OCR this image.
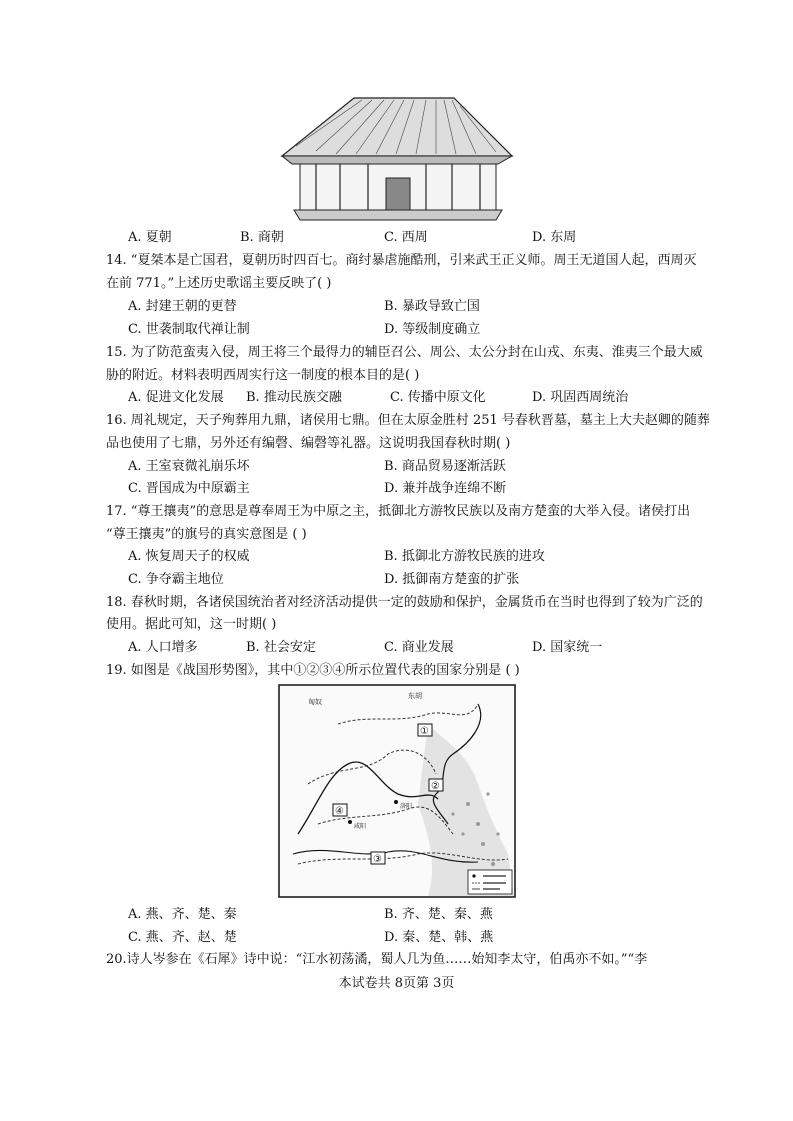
A. 夏朝	B. 商朝	C. 西周	D. 东周
14. “夏桀本是亡国君，夏朝历时四百七。商纣暴虐施酷刑，引来武王正义师。周王无道国人起，西周灭
在前 771。”上述历史歌谣主要反映了( )
A. 封建王朝的更替	B. 暴政导致亡国
C. 世袭制取代禅让制	D. 等级制度确立
15. 为了防范蛮夷入侵，周王将三个最得力的辅臣召公、周公、太公分封在山戎、东夷、淮夷三个最大威
胁的附近。材料表明西周实行这一制度的根本目的是( )
A. 促进文化发展 B. 推动民族交融	C. 传播中原文化	D. 巩固西周统治
16. 周礼规定，天子殉葬用九鼎，诸侯用七鼎。但在太原金胜村 251 号春秋晋墓，墓主上大夫赵卿的随葬
品也使用了七鼎，另外还有编磬、编磬等礼器。这说明我国春秋时期( )
A. 王室衰微礼崩乐坏	B. 商品贸易逐渐活跃
C. 晋国成为中原霸主	D. 兼并战争连绵不断
17. “尊王攘夷”的意思是尊奉周王为中原之主，抵御北方游牧民族以及南方楚蛮的大举入侵。诸侯打出
“尊王攘夷”的旗号的真实意图是 ( )
A. 恢复周天子的权威	B. 抵御北方游牧民族的进攻
C. 争夺霸主地位	D. 抵御南方楚蛮的扩张
18. 春秋时期，各诸侯国统治者对经济活动提供一定的鼓励和保护，金属货币在当时也得到了较为广泛的
使用。据此可知，这一时期( )
A. 人口增多	B. 社会安定	C. 商业发展	D. 国家统一
19. 如图是《战国形势图》，其中①②③④所示位置代表的国家分别是 ( )
东胡
匈奴
①
②
③
④	洛阳
咸阳
A. 燕、齐、楚、秦	B. 齐、楚、秦、燕
C. 燕、齐、赵、楚	D. 秦、楚、韩、燕
20.诗人岑参在《石犀》诗中说：“江水初荡潏，蜀人几为鱼……始知李太守，伯禹亦不如。”“李
本试卷共 8页第 3页
